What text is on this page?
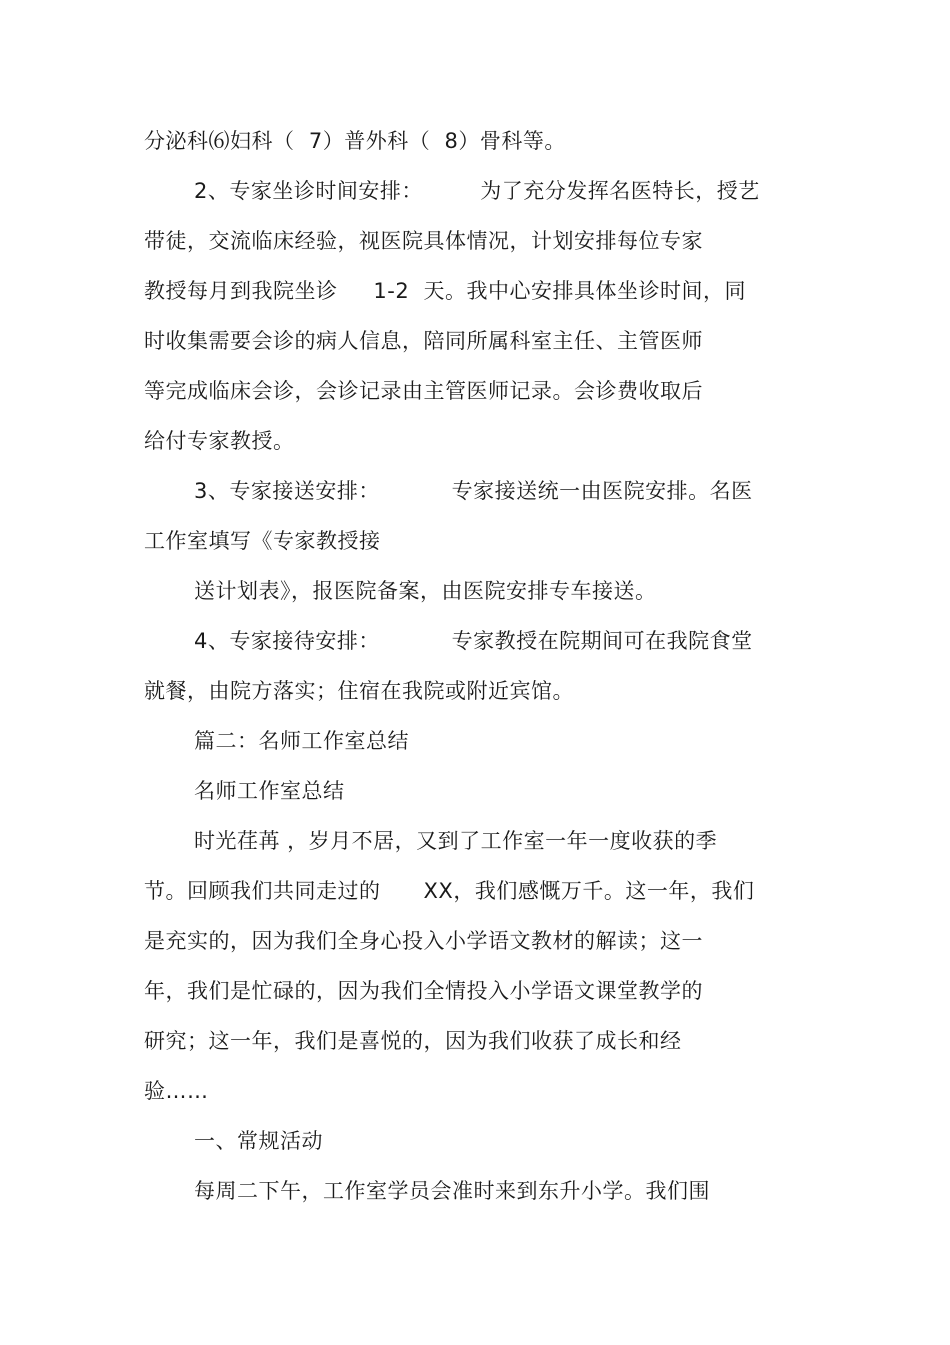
分泌科⑹妇科（  7）普外科（  8）骨科等。
2、专家坐诊时间安排：        为了充分发挥名医特长，授艺
带徒，交流临床经验，视医院具体情况，计划安排每位专家
教授每月到我院坐诊     1-2  天。我中心安排具体坐诊时间，同
时收集需要会诊的病人信息，陪同所属科室主任、主管医师
等完成临床会诊，会诊记录由主管医师记录。会诊费收取后
给付专家教授。
3、专家接送安排：          专家接送统一由医院安排。名医
工作室填写《专家教授接
送计划表》，报医院备案，由医院安排专车接送。
4、专家接待安排：          专家教授在院期间可在我院食堂
就餐，由院方落实；住宿在我院或附近宾馆。
篇二：名师工作室总结
名师工作室总结
时光荏苒 ，岁月不居，又到了工作室一年一度收获的季
节。回顾我们共同走过的      XX，我们感慨万千。这一年，我们
是充实的，因为我们全身心投入小学语文教材的解读；这一
年，我们是忙碌的，因为我们全情投入小学语文课堂教学的
研究；这一年，我们是喜悦的，因为我们收获了成长和经
验……
一、常规活动
每周二下午，工作室学员会准时来到东升小学。我们围
